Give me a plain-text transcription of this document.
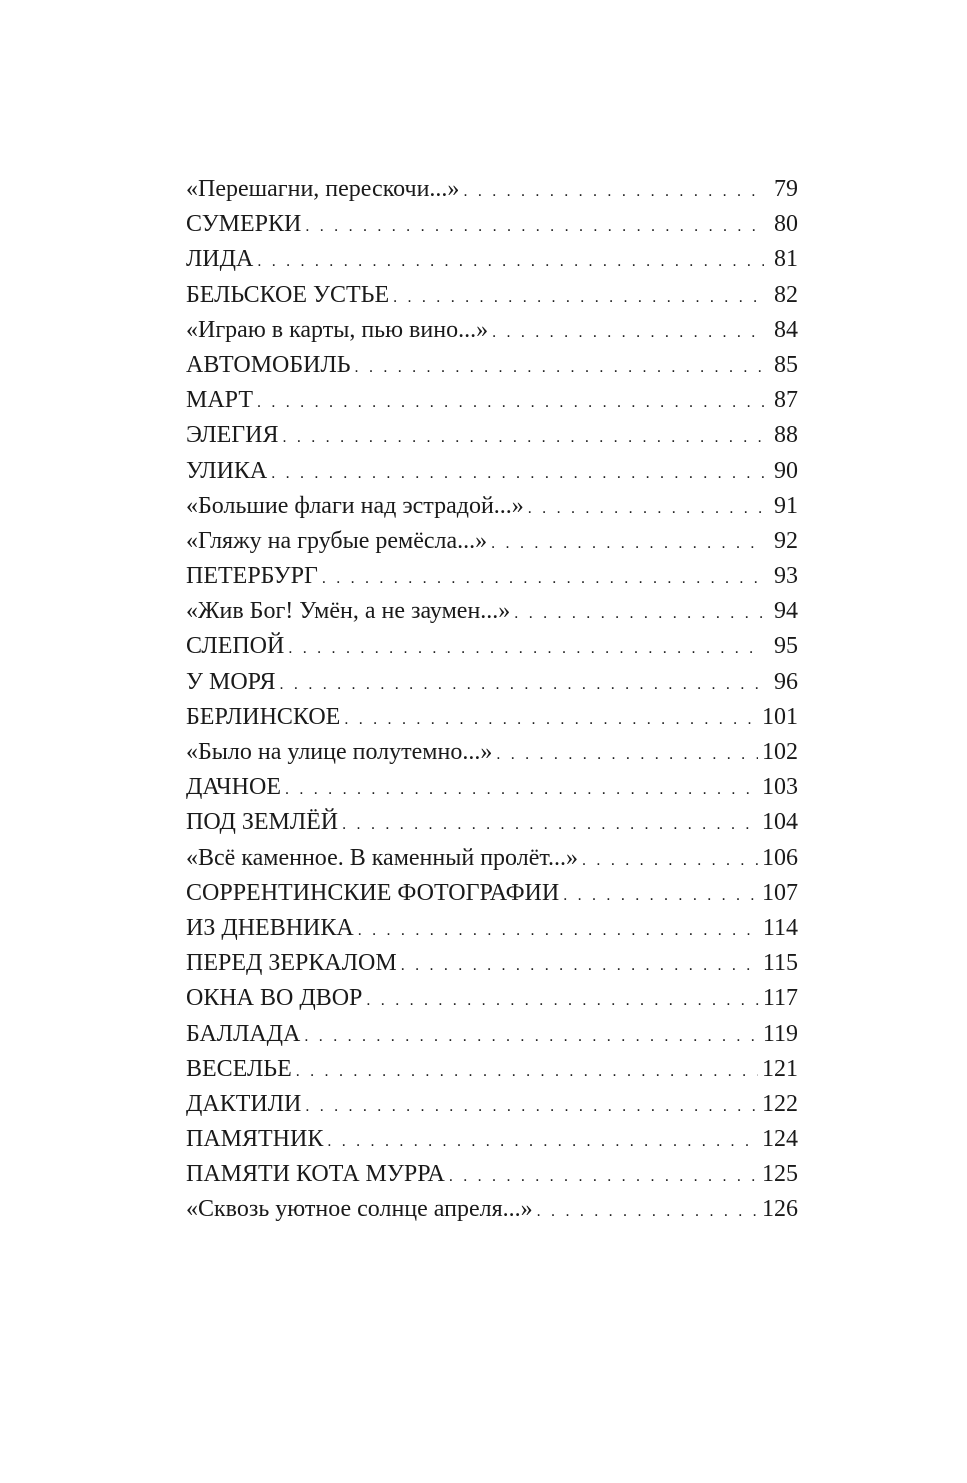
«Перешагни, перескочи...» . . .	79
СУМЕРКИ . . .	80
ЛИДА . . .	81
БЕЛЬСКОЕ УСТЬЕ . . .	82
«Играю в карты, пью вино...» . . .	84
АВТОМОБИЛЬ . . .	85
МАРТ . . .	87
ЭЛЕГИЯ . . .	88
УЛИКА . . .	90
«Большие флаги над эстрадой...» . . .	91
«Гляжу на грубые ремёсла...» . . .	92
ПЕТЕРБУРГ . . .	93
«Жив Бог! Умён, а не заумен...» . . .	94
СЛЕПОЙ . . .	95
У МОРЯ . . .	96
БЕРЛИНСКОЕ . . .	101
«Было на улице полутемно...» . . .	102
ДАЧНОЕ . . .	103
ПОД ЗЕМЛЁЙ . . .	104
«Всё каменное. В каменный пролёт...» . . .	106
СОРРЕНТИНСКИЕ ФОТОГРАФИИ . . .	107
ИЗ ДНЕВНИКА . . .	114
ПЕРЕД ЗЕРКАЛОМ . . .	115
ОКНА ВО ДВОР . . .	117
БАЛЛАДА . . .	119
ВЕСЕЛЬЕ . . .	121
ДАКТИЛИ . . .	122
ПАМЯТНИК . . .	124
ПАМЯТИ КОТА МУРРА . . .	125
«Сквозь уютное солнце апреля...» . . .	126
